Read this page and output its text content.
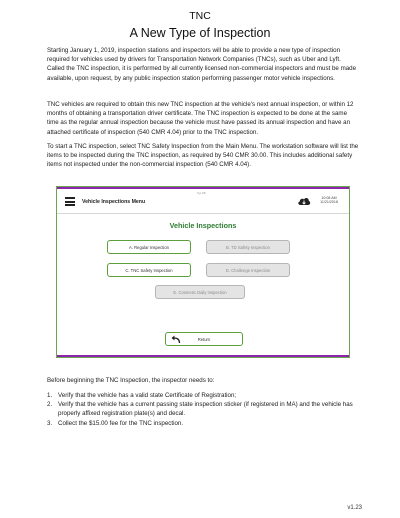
TNC
A New Type of Inspection

Starting January 1, 2019, inspection stations and inspectors will be able to provide a new type of inspection required for vehicles used by drivers for Transportation Network Companies (TNCs), such as Uber and Lyft. Called the TNC inspection, it is performed by all currently licensed non-commercial inspectors and must be made available, upon request, by any public inspection station performing passenger motor vehicle inspections.

TNC vehicles are required to obtain this new TNC inspection at the vehicle's next annual inspection, or within 12 months of obtaining a transportation driver certificate. The TNC inspection is expected to be done at the same time as the regular annual inspection because the vehicle must have passed its annual inspection and have an attached certificate of inspection (540 CMR 4.04) prior to the TNC inspection.

To start a TNC inspection, select TNC Safety Inspection from the Main Menu. The workstation software will list the items to be inspected during the TNC inspection, as required by 540 CMR 30.00. This includes additional safety items not inspected under the non-commercial inspection (540 CMR 4.04).

Sys DB
Vehicle Inspections Menu
10:08 AM
11/21/2018
Vehicle Inspections
A. Regular Inspection	B. TD Safety Inspection
C. TNC Safety Inspection	D. Challenge Inspection
E. Cosmetic Daily Inspection
Return

Before beginning the TNC Inspection, the inspector needs to:

1. Verify that the vehicle has a valid state Certificate of Registration;
2. Verify that the vehicle has a current passing state inspection sticker (if registered in MA) and the vehicle has properly affixed registration plate(s) and decal.
3. Collect the $15.00 fee for the TNC inspection.
v1.23
